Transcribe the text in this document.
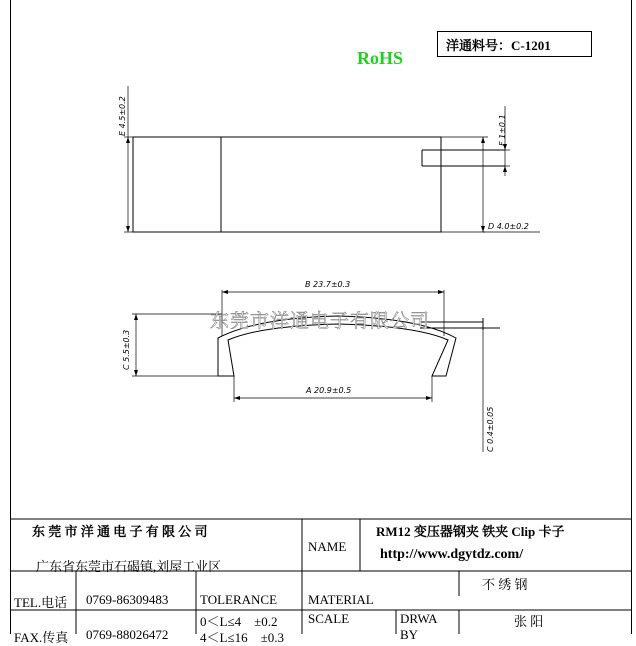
洋通料号：C-1201
RoHS
E 4.5±0.2	F 1±0.1
D 4.0±0.2
B 23.7±0.3
C 5.5±0.3
A 20.9±0.5
C 0.4±0.05
东莞市洋通电子有限公司
东 莞 市 洋 通 电 子 有 限 公 司
广东省东莞市石碣镇,刘屋工业区
NAME
RM12 变压器钢夹 铁夹 Clip 卡子
http://www.dgytdz.com/
TEL.电话 0769-86309483 TOLERANCE MATERIAL
不 绣 钢
0＜L≤4　±0.2
4＜L≤16　±0.3
FAX.传真 0769-88026472
SCALE	DRWA
BY
张 阳
